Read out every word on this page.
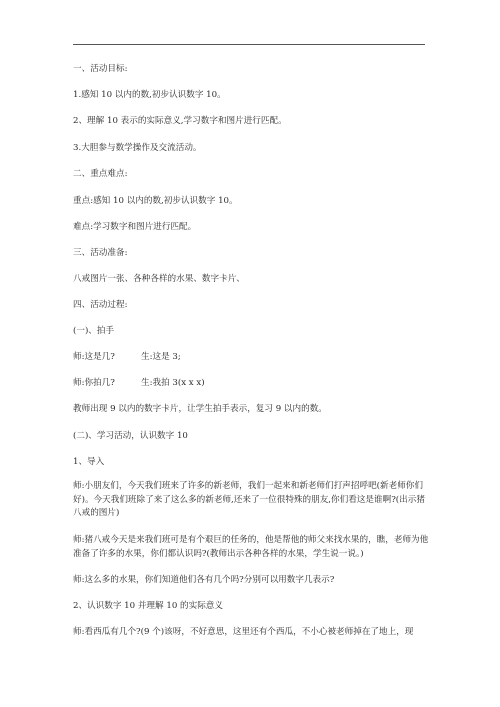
一、活动目标:
1.感知 10 以内的数,初步认识数字 10。
2、理解 10 表示的实际意义,学习数字和图片进行匹配。
3.大胆参与数学操作及交流活动。
二、重点难点:
重点:感知 10 以内的数,初步认识数字 10。
难点:学习数字和图片进行匹配。
三、活动准备:
八戒图片一张、各种各样的水果、数字卡片、
四、活动过程:
(一)、拍手
师:这是几?	生:这是 3;
师:你拍几?	生:我拍 3(x x x)
教师出现 9 以内的数字卡片，让学生拍手表示，复习 9 以内的数。
(二)、学习活动，认识数字 10
1、导入
师:小朋友们，今天我们班来了许多的新老师，我们一起来和新老师们打声招呼吧(新老师你们好)。今天我们班除了来了这么多的新老师,还来了一位很特殊的朋友,你们看这是谁啊?(出示猪八戒的图片)
师:猪八戒今天是来我们班可是有个艰巨的任务的，他是帮他的师父来找水果的，瞧，老师为他准备了许多的水果，你们都认识吗?(教师出示各种各样的水果，学生说一说。)
师:这么多的水果，你们知道他们各有几个吗?分别可以用数字几表示?
2、认识数字 10 并理解 10 的实际意义
师:看西瓜有几个?(9 个)该呀，不好意思，这里还有个西瓜，不小心被老师掉在了地上，现
